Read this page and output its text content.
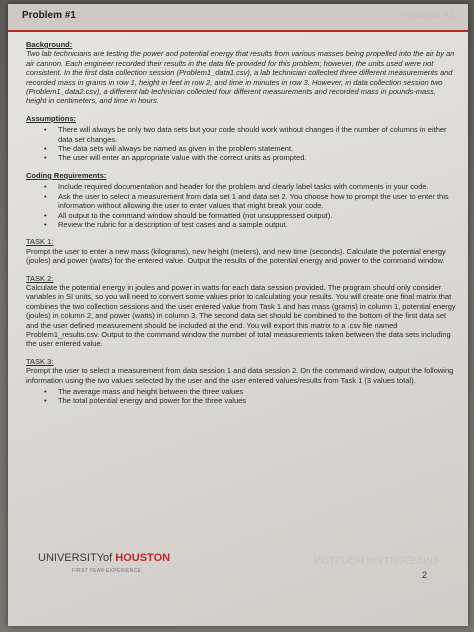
Problem #1	Problem #1
Background:

Two lab technicians are testing the power and potential energy that results from various masses being propelled into the air by an air cannon. Each engineer recorded their results in the data file provided for this problem; however, the units used were not consistent. In the first data collection session (Problem1_data1.csv), a lab technician collected three different measurements and recorded mass in grams in row 1, height in feet in row 2, and time in minutes in row 3. However, in data collection session two (Problem1_data2.csv), a different lab technician collected four different measurements and recorded mass in pounds-mass, height in centimeters, and time in hours.

Assumptions:
• There will always be only two data sets but your code should work without changes if the number of columns in either data set changes.
• The data sets will always be named as given in the problem statement.
• The user will enter an appropriate value with the correct units as prompted.
Coding Requirements:
• Include required documentation and header for the problem and clearly label tasks with comments in your code.
• Ask the user to select a measurement from data set 1 and data set 2. You choose how to prompt the user to enter this information without allowing the user to enter values that might break your code.
• All output to the command window should be formatted (not unsuppressed output).
• Review the rubric for a description of test cases and a sample output.
TASK 1:

Prompt the user to enter a new mass (kilograms), new height (meters), and new time (seconds). Calculate the potential energy (joules) and power (watts) for the entered value. Output the results of the potential energy and power to the command window.

TASK 2:

Calculate the potential energy in joules and power in watts for each data session provided. The program should only consider variables in SI units, so you will need to convert some values prior to calculating your results. You will create one final matrix that combines the two collection sessions and the user entered value from Task 1 and has mass (grams) in column 1, potential energy (joules) in column 2, and power (watts) in column 3. The second data set should be combined to the bottom of the first data set and the user defined measurement should be included at the end. You will export this matrix to a .csv file named Problem1_results.csv. Output to the command window the number of total measurements taken between the data sets including the user entered value.

TASK 3:

Prompt the user to select a measurement from data session 1 and data session 2. On the command window, output the following information using the two values selected by the user and the user entered values/results from Task 1 (3 values total).

• The average mass and height between the three values
• The total potential energy and power for the three values
UNIVERSITYof HOUSTON
FIRST YEAR EXPERIENCE
UNIVERSITY of HOUSTON
2
